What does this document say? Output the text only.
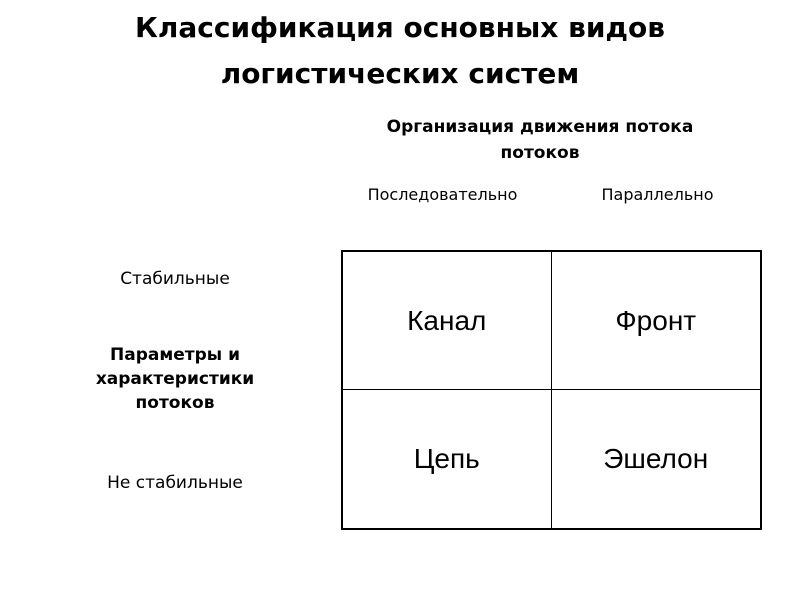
Классификация основных видов
логистических систем
Организация движения потока
потоков
Последовательно	Параллельно
Стабильные
Параметры и
характеристики
потоков
Не стабильные
Канал	Фронт
Цепь	Эшелон
